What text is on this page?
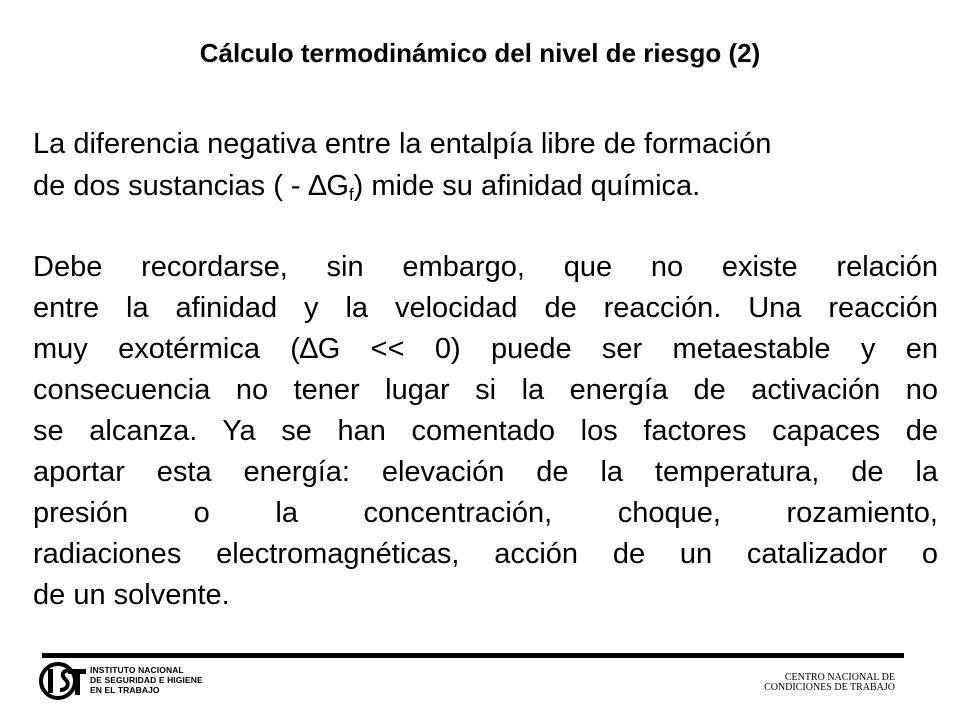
Cálculo termodinámico del nivel de riesgo (2)
La diferencia negativa entre la entalpía libre de formación
de dos sustancias ( - $\Delta G_f$) mide su afinidad química.
Debe recordarse, sin embargo, que no existe relación
entre la afinidad y la velocidad de reacción. Una reacción
muy exotérmica (∆G << 0) puede ser metaestable y en
consecuencia no tener lugar si la energía de activación no
se alcanza. Ya se han comentado los factores capaces de
aportar esta energía: elevación de la temperatura, de la
presión o la concentración, choque, rozamiento,
radiaciones electromagnéticas, acción de un catalizador o
de un solvente.
INSTITUTO NACIONAL
DE SEGURIDAD E HIGIENE
EN EL TRABAJO
CENTRO NACIONAL DE
CONDICIONES DE TRABAJO
